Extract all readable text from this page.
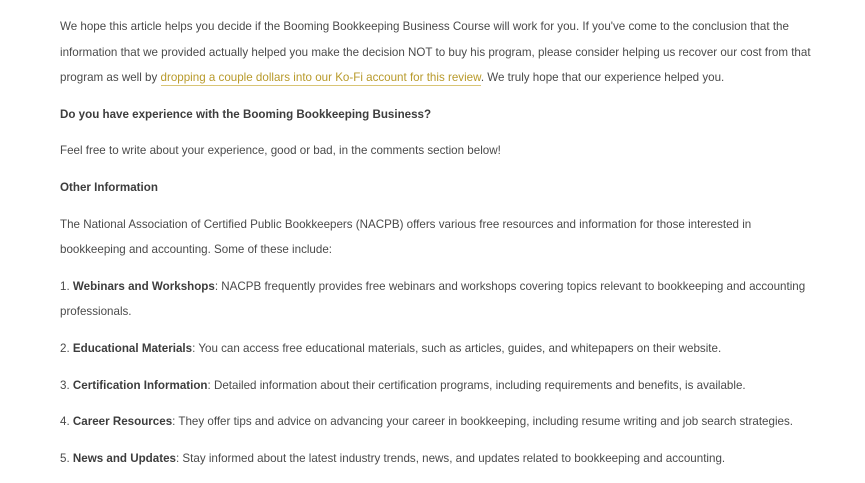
We hope this article helps you decide if the Booming Bookkeeping Business Course will work for you. If you've come to the conclusion that the information that we provided actually helped you make the decision NOT to buy his program, please consider helping us recover our cost from that program as well by dropping a couple dollars into our Ko-Fi account for this review. We truly hope that our experience helped you.

Do you have experience with the Booming Bookkeeping Business?

Feel free to write about your experience, good or bad, in the comments section below!

Other Information

The National Association of Certified Public Bookkeepers (NACPB) offers various free resources and information for those interested in bookkeeping and accounting. Some of these include:

1. Webinars and Workshops: NACPB frequently provides free webinars and workshops covering topics relevant to bookkeeping and accounting professionals.

2. Educational Materials: You can access free educational materials, such as articles, guides, and whitepapers on their website.

3. Certification Information: Detailed information about their certification programs, including requirements and benefits, is available.

4. Career Resources: They offer tips and advice on advancing your career in bookkeeping, including resume writing and job search strategies.

5. News and Updates: Stay informed about the latest industry trends, news, and updates related to bookkeeping and accounting.
